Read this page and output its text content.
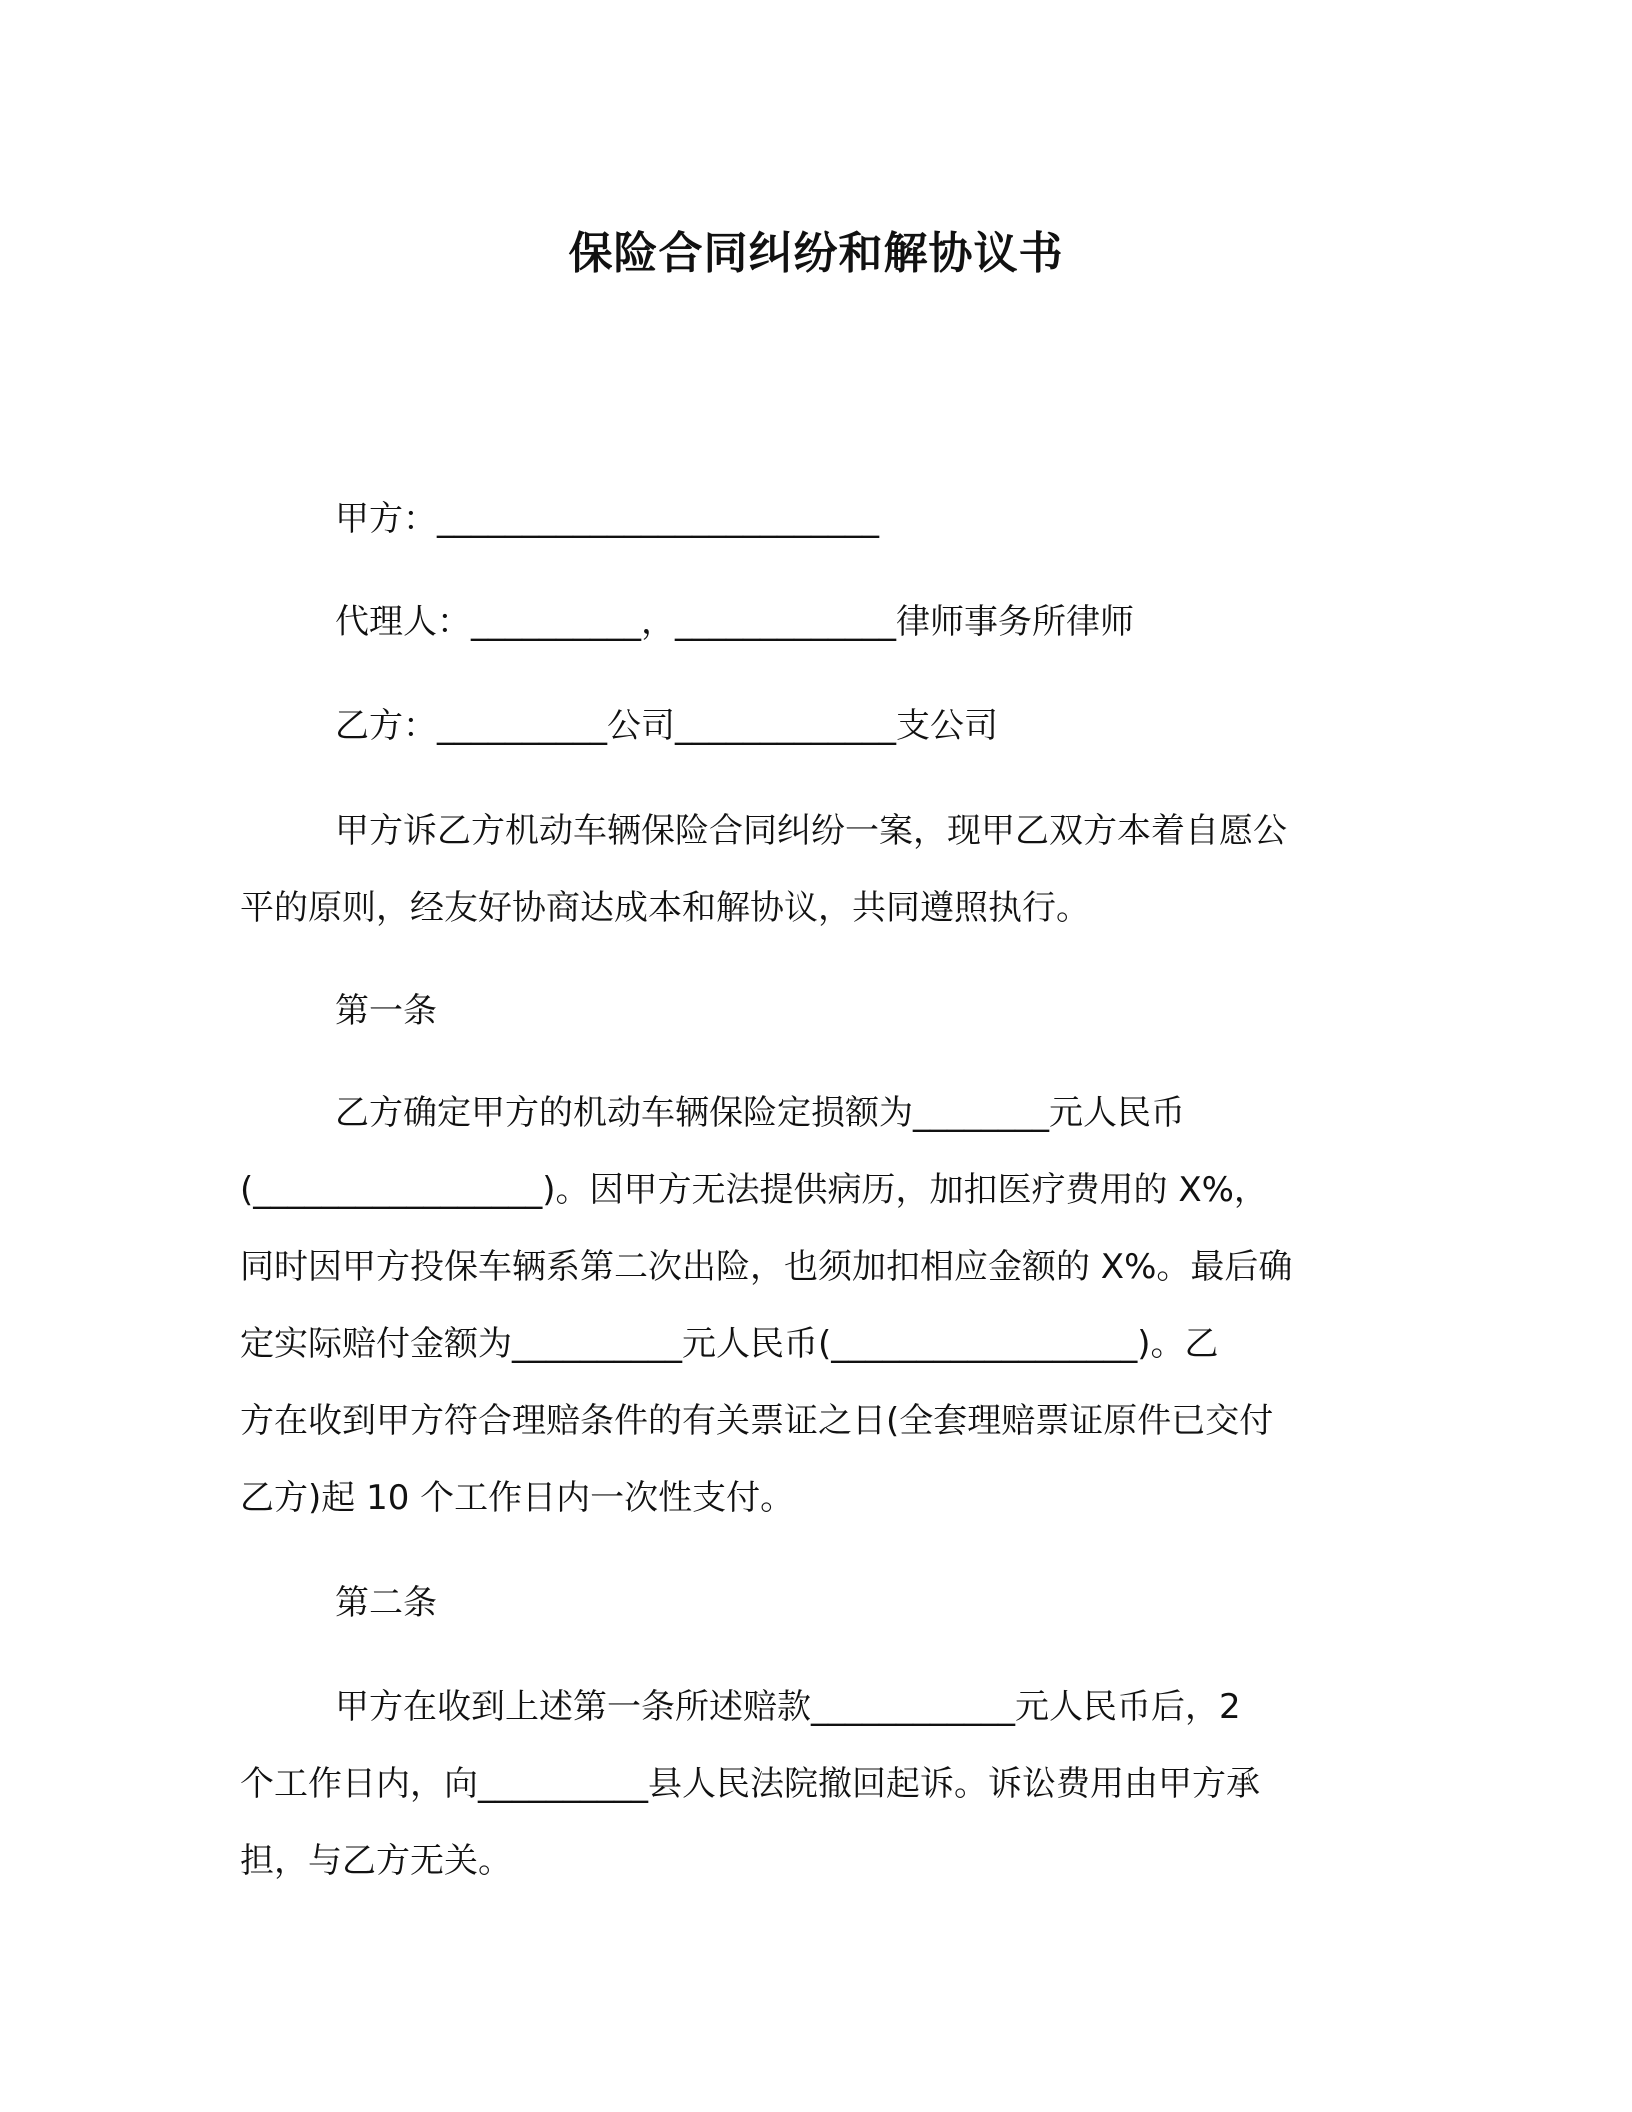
保险合同纠纷和解协议书

甲方：__________________________

代理人：__________，_____________律师事务所律师

乙方：__________公司_____________支公司

甲方诉乙方机动车辆保险合同纠纷一案，现甲乙双方本着自愿公
平的原则，经友好协商达成本和解协议，共同遵照执行。

第一条

乙方确定甲方的机动车辆保险定损额为________元人民币
(_________________)。因甲方无法提供病历，加扣医疗费用的 X%，
同时因甲方投保车辆系第二次出险，也须加扣相应金额的 X%。最后确
定实际赔付金额为__________元人民币(__________________)。乙
方在收到甲方符合理赔条件的有关票证之日(全套理赔票证原件已交付
乙方)起 10 个工作日内一次性支付。

第二条

甲方在收到上述第一条所述赔款____________元人民币后，2
个工作日内，向__________县人民法院撤回起诉。诉讼费用由甲方承
担，与乙方无关。
